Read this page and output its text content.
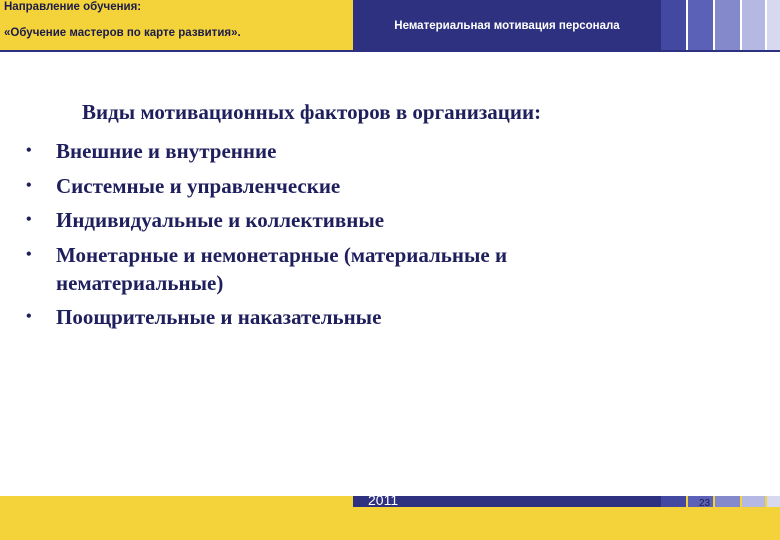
Направление обучения:
«Обучение мастеров по карте развития».
Нематериальная мотивация персонала
Виды мотивационных факторов в организации:
• Внешние и внутренние
• Системные и управленческие
• Индивидуальные и коллективные
• Монетарные и немонетарные (материальные и нематериальные)
• Поощрительные и наказательные
2011	23
